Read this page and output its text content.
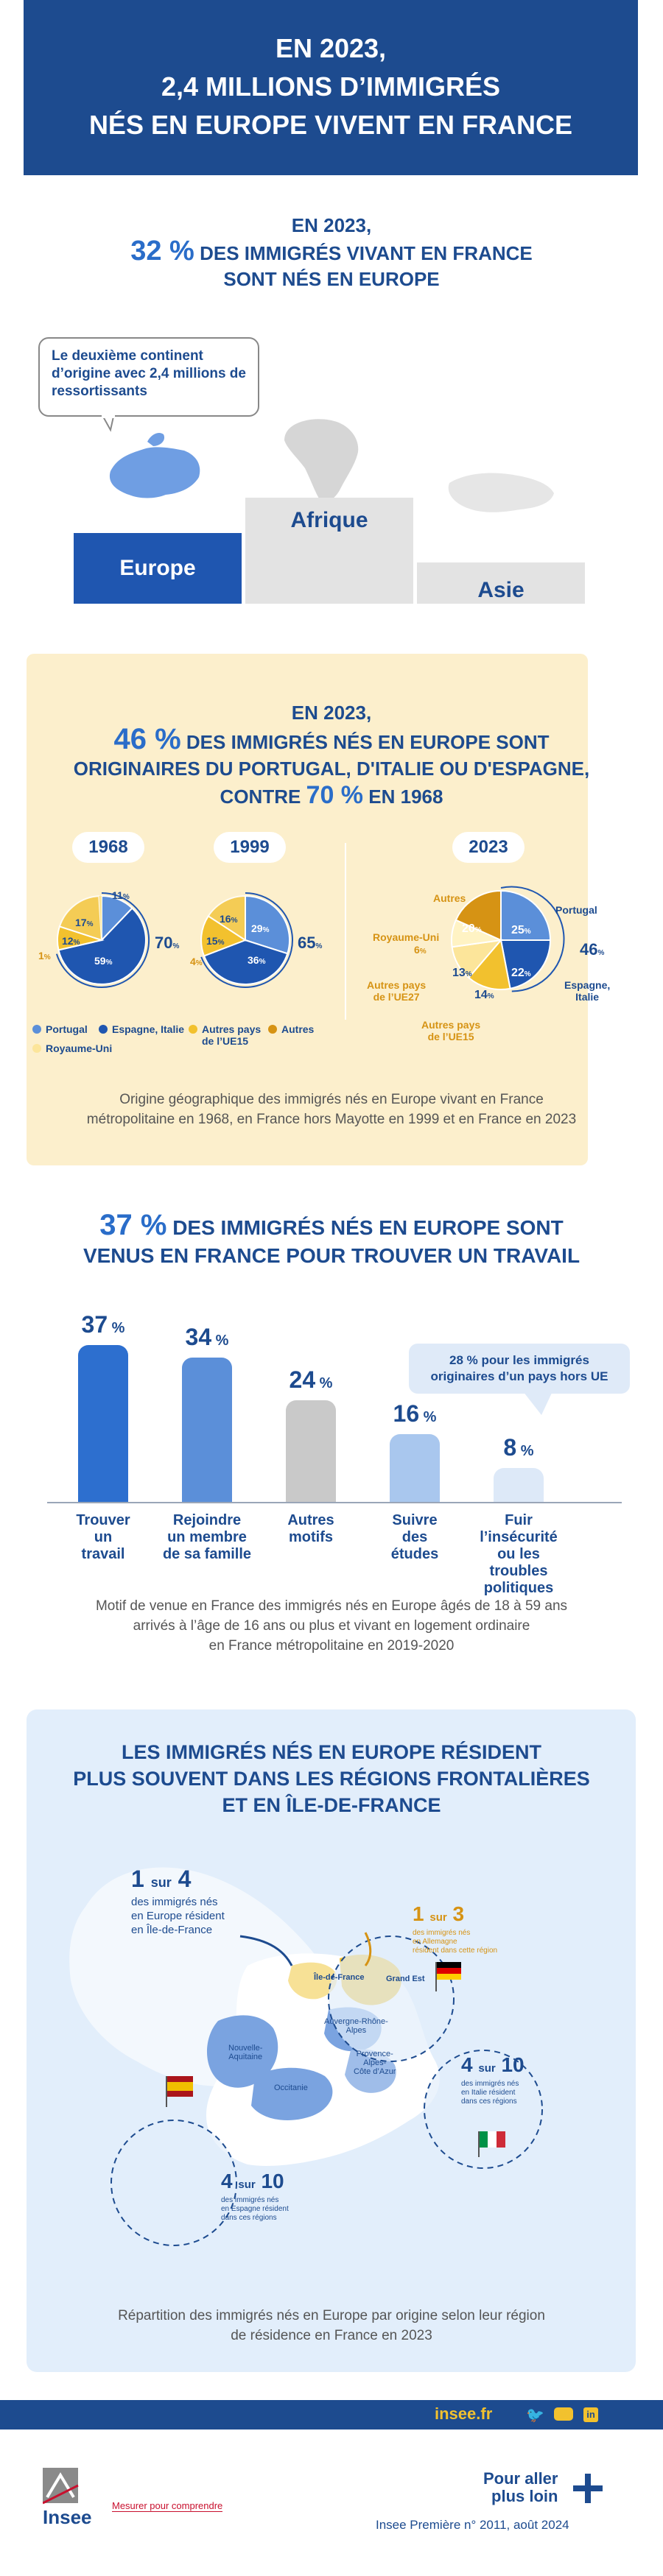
EN 2023,
2,4 MILLIONS D’IMMIGRÉS
NÉS EN EUROPE VIVENT EN FRANCE
EN 2023,
32 % DES IMMIGRÉS VIVANT EN FRANCE
SONT NÉS EN EUROPE
Le deuxième continent d’origine avec 2,4 millions de ressortissants
Europe
Afrique
Asie
EN 2023,
46 % DES IMMIGRÉS NÉS EN EUROPE SONT
ORIGINAIRES DU PORTUGAL, D'ITALIE OU D'ESPAGNE,
CONTRE 70 % EN 1968
1968	1999	2023
11%
59%
12%
17%
1%
70%
29%
36%
15%
16%
4%
65%
25%
22%
14%
13%
6%
20%
46%
Portugal
Espagne,
Italie
Autres pays
de l’UE15
Autres pays
de l’UE27
Royaume-Uni
Autres
Portugal Espagne, Italie Autres pays de l’UE15
Autres
Royaume-Uni
Origine géographique des immigrés nés en Europe vivant en France
métropolitaine en 1968, en France hors Mayotte en 1999 et en France en 2023
37 % DES IMMIGRÉS NÉS EN EUROPE SONT
VENUS EN FRANCE POUR TROUVER UN TRAVAIL
28 % pour les immigrés
originaires d’un pays hors UE
37 %
Trouver
un
travail
34 %
Rejoindre
un membre
de sa famille
24 %
Autres
motifs
16 %
Suivre
des
études
8 %
Fuir l’insécurité
ou les troubles
politiques
Motif de venue en France des immigrés nés en Europe âgés de 18 à 59 ans
arrivés à l’âge de 16 ans ou plus et vivant en logement ordinaire
en France métropolitaine en 2019-2020
LES IMMIGRÉS NÉS EN EUROPE RÉSIDENT
PLUS SOUVENT DANS LES RÉGIONS FRONTALIÈRES
ET EN ÎLE-DE-FRANCE
1 sur 4
des immigrés nés
en Europe résident
en Île-de-France
1 sur 3
des immigrés nés
en Allemagne
résident dans cette région
4 sur 10
des immigrés nés
en Italie résident
dans ces régions
4 sur 10
des immigrés nés
en Espagne résident
dans ces régions
Île-de-France	Grand Est
Nouvelle-
Aquitaine
Auvergne-Rhône-
Alpes
Occitanie
Provence-
Alpes-
Côte d’Azur
Répartition des immigrés nés en Europe par origine selon leur région
de résidence en France en 2023
insee.fr 🐦	in
Insee
Mesurer pour comprendre
Pour aller
plus loin
Insee Première n° 2011, août 2024
